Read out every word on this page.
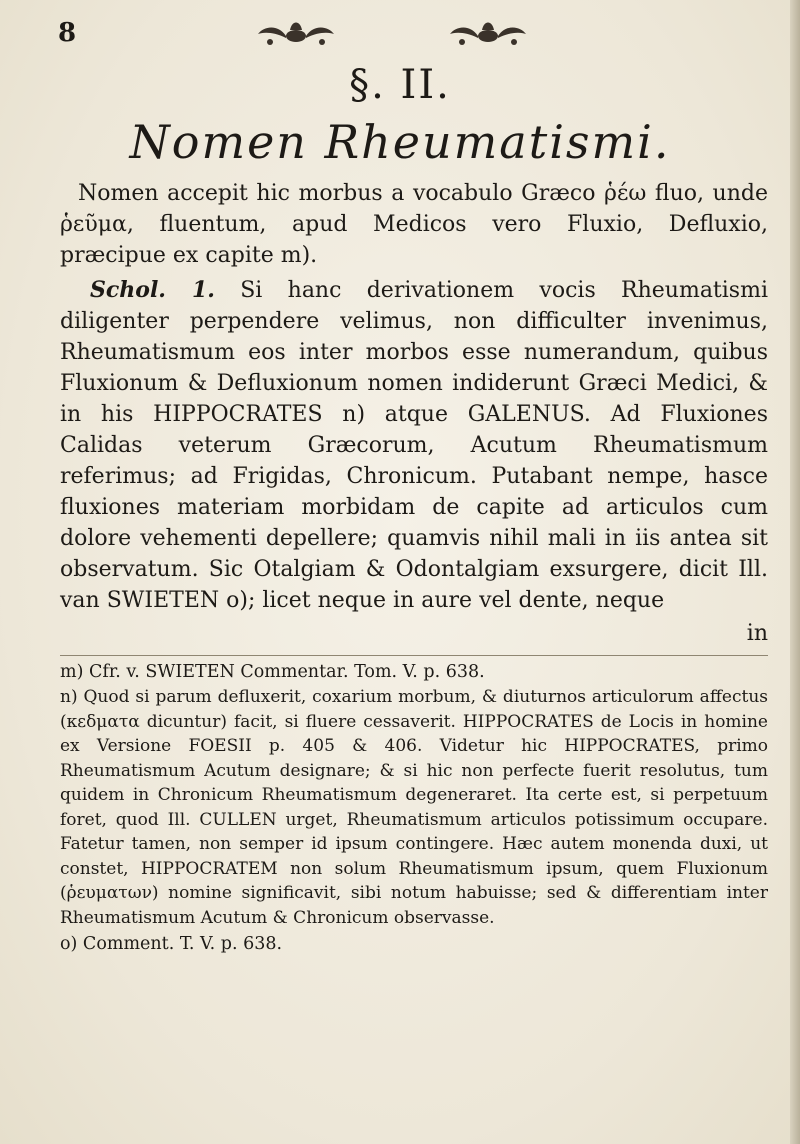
8
§. II.
Nomen Rheumatismi.

Nomen accepit hic morbus a vocabulo Græco ῥέω fluo, unde ῥεῦμα, fluentum, apud Medicos vero Fluxio, Defluxio, præcipue ex capite m).

Schol. 1. Si hanc derivationem vocis Rheumatismi diligenter perpendere velimus, non difficulter invenimus, Rheumatismum eos inter morbos esse numerandum, quibus Fluxionum & Defluxionum nomen indiderunt Græci Medici, & in his HIPPOCRATES n) atque GALENUS. Ad Fluxiones Calidas veterum Græcorum, Acutum Rheumatismum referimus; ad Frigidas, Chronicum. Putabant nempe, hasce fluxiones materiam morbidam de capite ad articulos cum dolore vehementi depellere; quamvis nihil mali in iis antea sit observatum. Sic Otalgiam & Odontalgiam exsurgere, dicit Ill. van SWIETEN o); licet neque in aure vel dente, neque

in

m) Cfr. v. SWIETEN Commentar. Tom. V. p. 638.

n) Quod si parum defluxerit, coxarium morbum, & diuturnos articulorum affectus (κεδματα dicuntur) facit, si fluere cessaverit. HIPPOCRATES de Locis in homine ex Versione FOESII p. 405 & 406. Videtur hic HIPPOCRATES, primo Rheumatismum Acutum designare; & si hic non perfecte fuerit resolutus, tum quidem in Chronicum Rheumatismum degeneraret. Ita certe est, si perpetuum foret, quod Ill. CULLEN urget, Rheumatismum articulos potissimum occupare. Fatetur tamen, non semper id ipsum contingere. Hæc autem monenda duxi, ut constet, HIPPOCRATEM non solum Rheumatismum ipsum, quem Fluxionum (ῥευματων) nomine significavit, sibi notum habuisse; sed & differentiam inter Rheumatismum Acutum & Chronicum observasse.

o) Comment. T. V. p. 638.
